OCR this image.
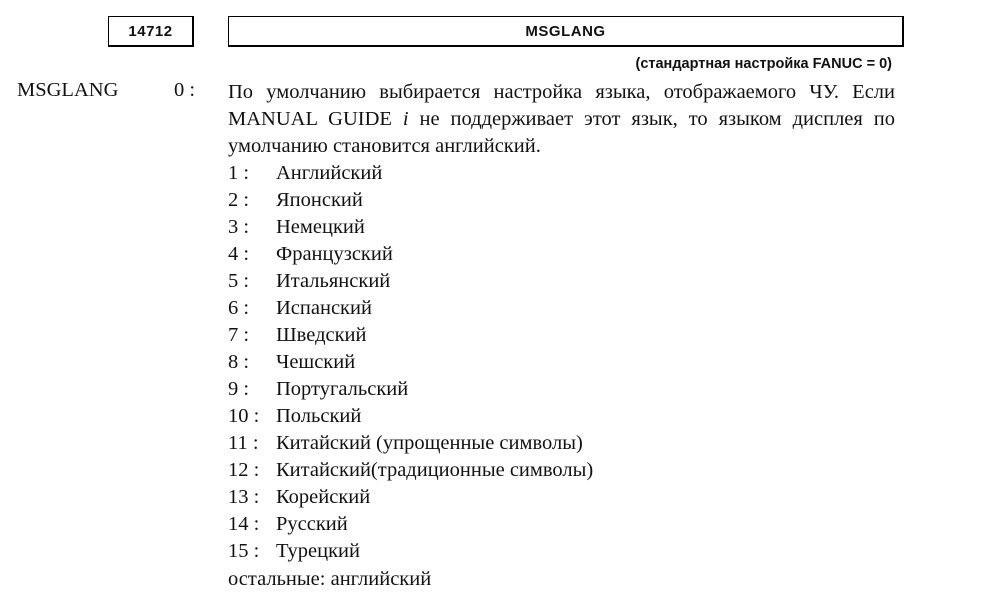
14712	MSGLANG
(стандартная настройка FANUC = 0)
MSGLANG	0 : По умолчанию выбирается настройка языка, отображаемого ЧУ. Если MANUAL GUIDE i не поддерживает этот язык, то языком дисплея по умолчанию становится английский.

1 :	Английский
2 :	Японский
3 :	Немецкий
4 :	Французский
5 :	Итальянский
6 :	Испанский
7 :	Шведский
8 :	Чешский
9 :	Португальский
10 : Польский
11 : Китайский (упрощенные символы)
12 : Китайский(традиционные символы)
13 : Корейский
14 : Русский
15 : Турецкий
остальные: английский
